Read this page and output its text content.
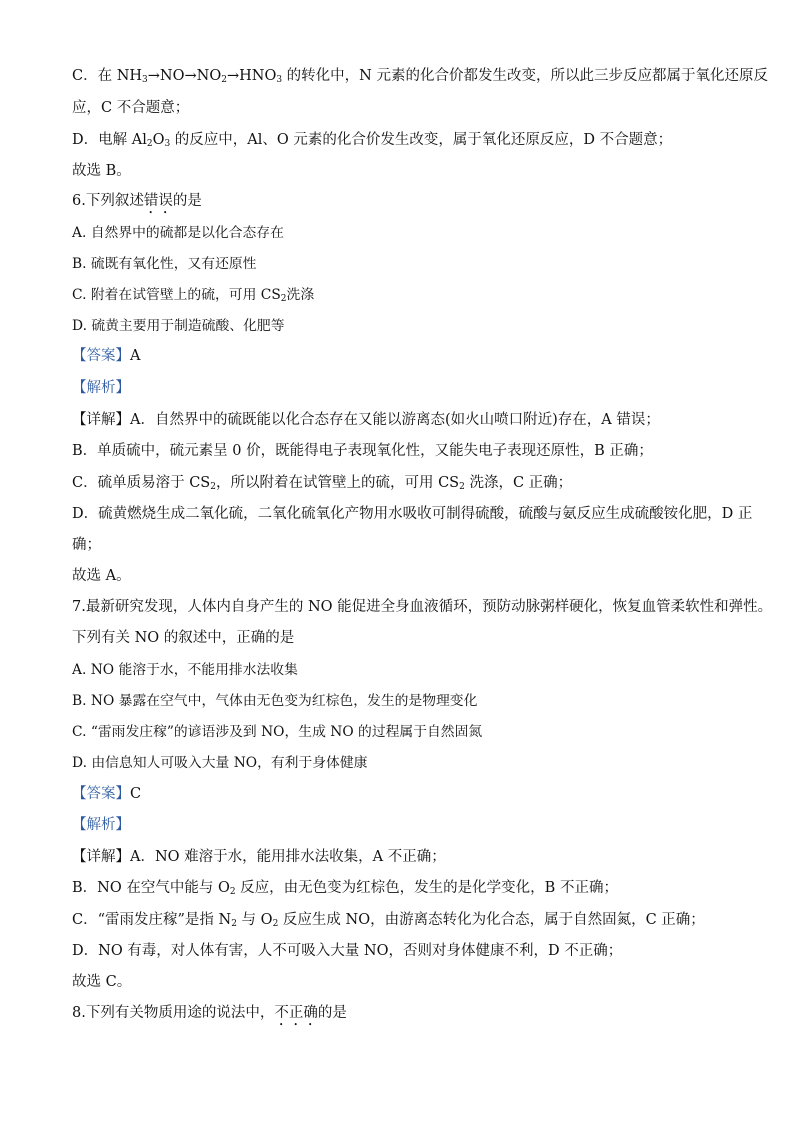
C．在 $NH_3\to NO\to NO_2\to HNO_3$ 的转化中，N 元素的化合价都发生改变，所以此三步反应都属于氧化还原反
应，C 不合题意；
D．电解 $Al_2O_3$ 的反应中，Al、O 元素的化合价发生改变，属于氧化还原反应，D 不合题意；
故选 B。
6.下列叙述错误的是
A. 自然界中的硫都是以化合态存在
B. 硫既有氧化性，又有还原性
C. 附着在试管壁上的硫，可用 $CS_2$洗涤
D. 硫黄主要用于制造硫酸、化肥等
【答案】A
【解析】
【详解】A．自然界中的硫既能以化合态存在又能以游离态(如火山喷口附近)存在，A 错误；
B．单质硫中，硫元素呈 0 价，既能得电子表现氧化性，又能失电子表现还原性，B 正确；
C．硫单质易溶于 $CS_2$，所以附着在试管壁上的硫，可用 $CS_2$ 洗涤，C 正确；
D．硫黄燃烧生成二氧化硫，二氧化硫氧化产物用水吸收可制得硫酸，硫酸与氨反应生成硫酸铵化肥，D 正
确；
故选 A。
7.最新研究发现，人体内自身产生的 NO 能促进全身血液循环，预防动脉粥样硬化，恢复血管柔软性和弹性。
下列有关 NO 的叙述中，正确的是
A. NO 能溶于水，不能用排水法收集
B. NO 暴露在空气中，气体由无色变为红棕色，发生的是物理变化
C. “雷雨发庄稼”的谚语涉及到 NO，生成 NO 的过程属于自然固氮
D. 由信息知人可吸入大量 NO，有利于身体健康
【答案】C
【解析】
【详解】A．NO 难溶于水，能用排水法收集，A 不正确；
B．NO 在空气中能与 $O_2$ 反应，由无色变为红棕色，发生的是化学变化，B 不正确；
C．“雷雨发庄稼”是指 $N_2$ 与 $O_2$ 反应生成 NO，由游离态转化为化合态，属于自然固氮，C 正确；
D．NO 有毒，对人体有害，人不可吸入大量 NO，否则对身体健康不利，D 不正确；
故选 C。
8.下列有关物质用途的说法中，不正确的是
